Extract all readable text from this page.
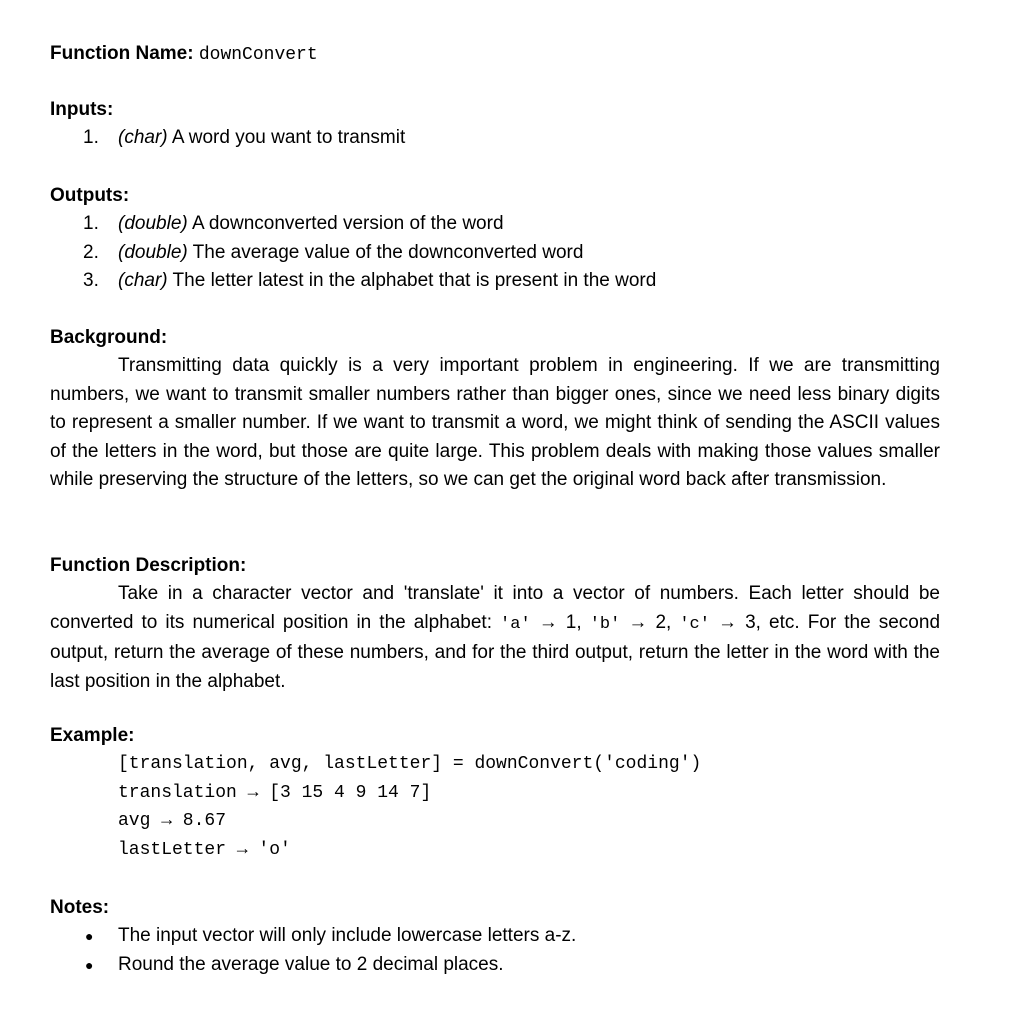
Function Name: downConvert
Inputs:
1. (char) A word you want to transmit
Outputs:
1. (double) A downconverted version of the word
2. (double) The average value of the downconverted word
3. (char) The letter latest in the alphabet that is present in the word
Background:
Transmitting data quickly is a very important problem in engineering. If we are transmitting numbers, we want to transmit smaller numbers rather than bigger ones, since we need less binary digits to represent a smaller number. If we want to transmit a word, we might think of sending the ASCII values of the letters in the word, but those are quite large. This problem deals with making those values smaller while preserving the structure of the letters, so we can get the original word back after transmission.
Function Description:
Take in a character vector and 'translate' it into a vector of numbers. Each letter should be converted to its numerical position in the alphabet: 'a' → 1, 'b' → 2, 'c' → 3, etc. For the second output, return the average of these numbers, and for the third output, return the letter in the word with the last position in the alphabet.
Example:
[translation, avg, lastLetter] = downConvert('coding')
translation → [3 15 4 9 14 7]
avg → 8.67
lastLetter → 'o'
Notes:
● The input vector will only include lowercase letters a-z.
● Round the average value to 2 decimal places.
